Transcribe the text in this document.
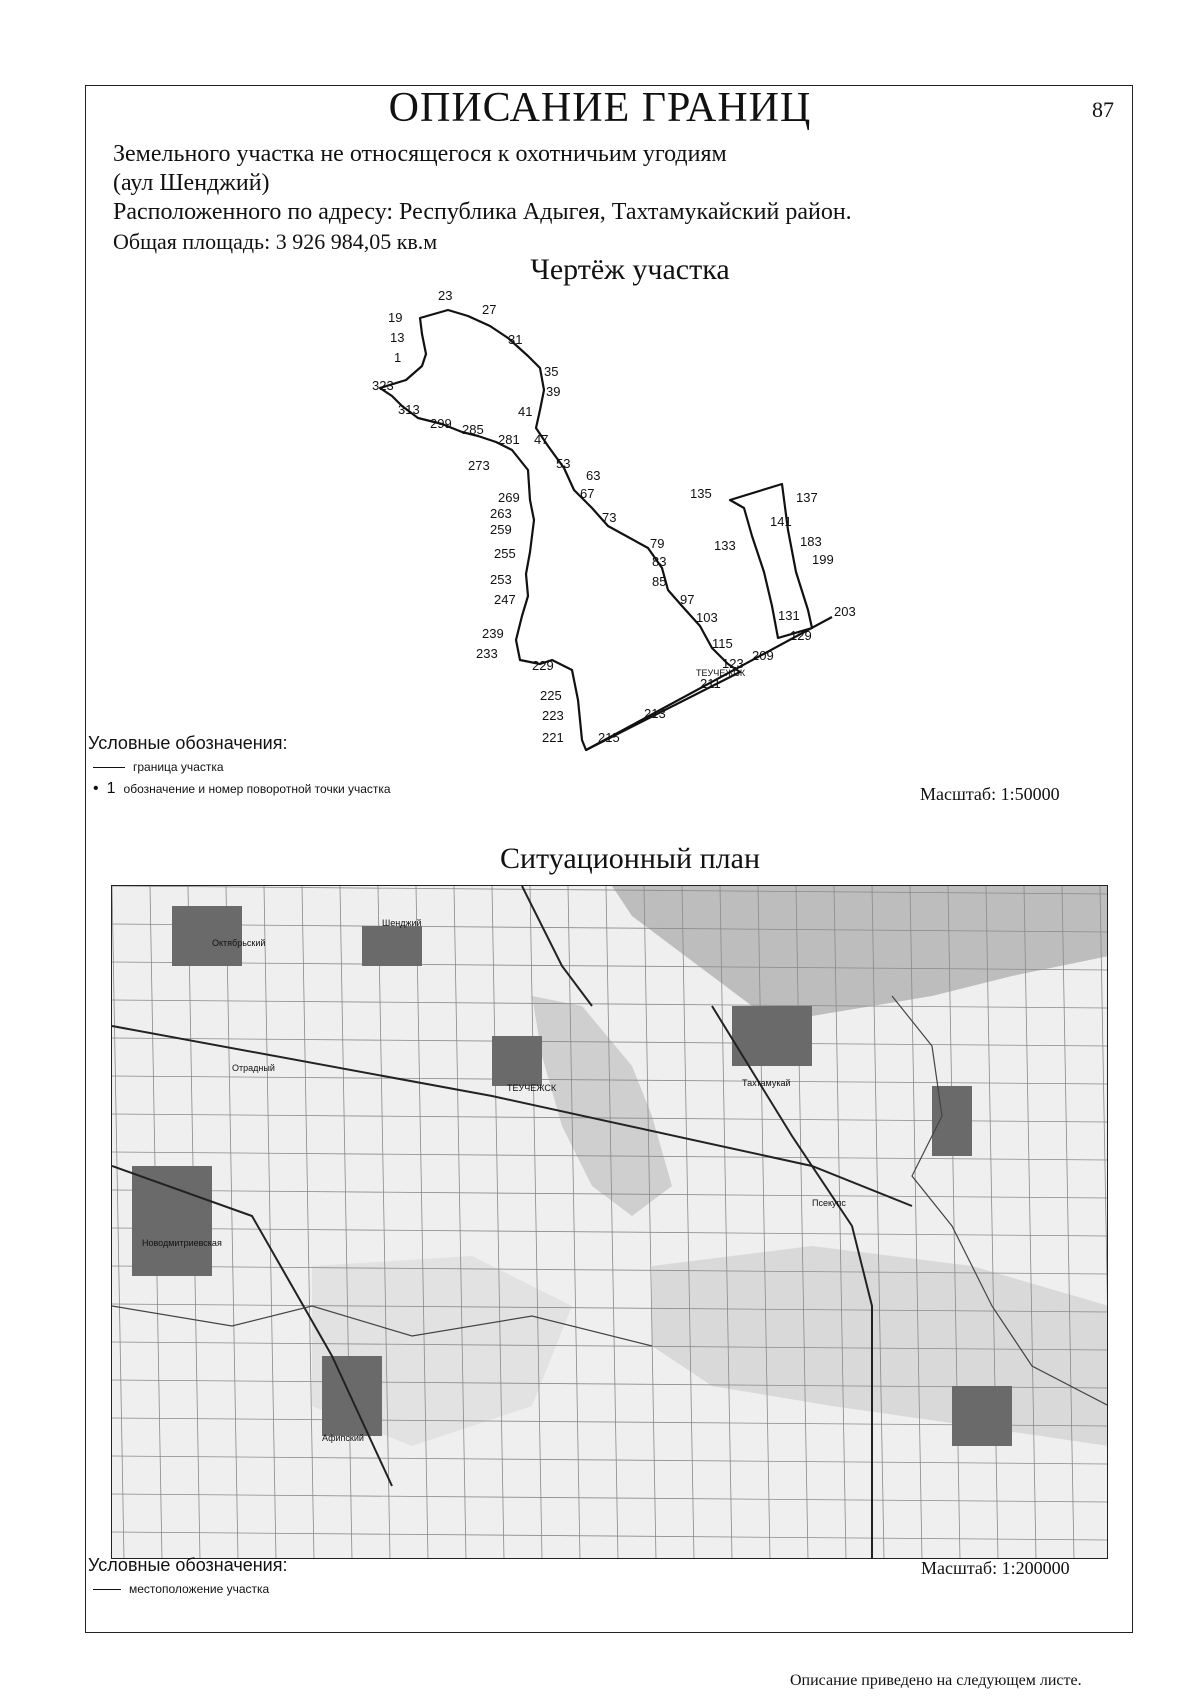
ОПИСАНИЕ ГРАНИЦ	87
Земельного участка не относящегося к охотничьим угодиям
(аул Шенджий)
Расположенного по адресу: Республика Адыгея, Тахтамукайский район.
Общая площадь: 3 926 984,05 кв.м
Чертёж участка
23
27
19
13
1
31
35
39
323
41
313
299 285
281 47
273	53
63
67
269
263	73
259
79
255
83
253	85
247	97
103
239
233
115
229	123
209
211
225
223	213
221	215
135	137
141
183
199
133
131	203
129
ТЕУЧЕЖСК
Условные обозначения:
граница участка
• 1 обозначение и номер поворотной точки участка	Масштаб: 1:50000
Ситуационный план
Октябрьский
Шенджий
ТЕУЧЕЖСК	Тахтамукай
Отрадный
Новодмитриевская
Афипский
Псекупс
Условные обозначения:
местоположение участка
Масштаб: 1:200000
Описание приведено на следующем листе.
